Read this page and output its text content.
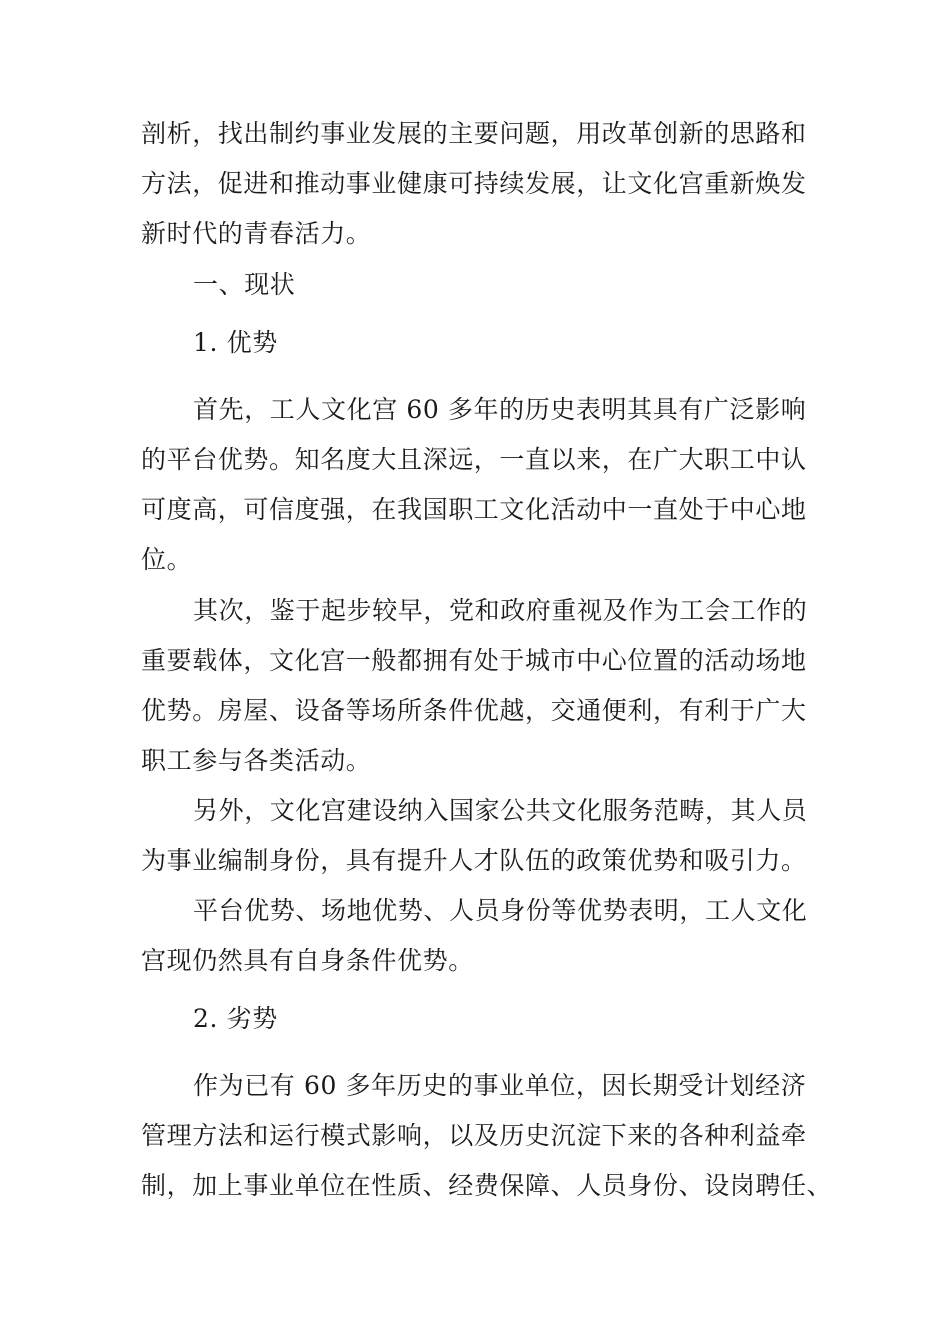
剖析，找出制约事业发展的主要问题，用改革创新的思路和
方法，促进和推动事业健康可持续发展，让文化宫重新焕发
新时代的青春活力。
一、现状
1. 优势
首先，工人文化宫 60 多年的历史表明其具有广泛影响
的平台优势。知名度大且深远，一直以来，在广大职工中认
可度高，可信度强，在我国职工文化活动中一直处于中心地
位。
其次，鉴于起步较早，党和政府重视及作为工会工作的
重要载体，文化宫一般都拥有处于城市中心位置的活动场地
优势。房屋、设备等场所条件优越，交通便利，有利于广大
职工参与各类活动。
另外，文化宫建设纳入国家公共文化服务范畴，其人员
为事业编制身份，具有提升人才队伍的政策优势和吸引力。
平台优势、场地优势、人员身份等优势表明，工人文化
宫现仍然具有自身条件优势。
2. 劣势
作为已有 60 多年历史的事业单位，因长期受计划经济
管理方法和运行模式影响，以及历史沉淀下来的各种利益牵
制，加上事业单位在性质、经费保障、人员身份、设岗聘任、
